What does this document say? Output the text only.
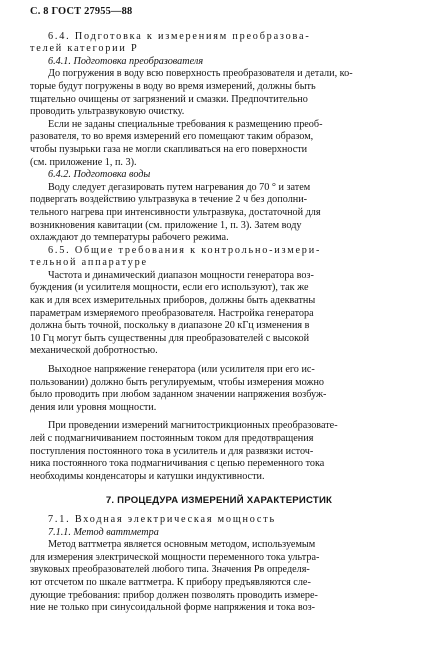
С. 8 ГОСТ 27955—88

6.4. Подготовка к измерениям преобразова-

телей категории Р

6.4.1. Подготовка преобразователя

До погружения в воду всю поверхность преобразователя и детали, ко-

торые будут погружены в воду во время измерений, должны быть

тщательно очищены от загрязнений и смазки. Предпочтительно

проводить ультразвуковую очистку.

Если не заданы специальные требования к размещению преоб-

разователя, то во время измерений его помещают таким образом,

чтобы пузырьки газа не могли скапливаться на его поверхности

(см. приложение 1, п. 3).

6.4.2. Подготовка воды

Воду следует дегазировать путем нагревания до 70 ° и затем

подвергать воздействию ультразвука в течение 2 ч без дополни-

тельного нагрева при интенсивности ультразвука, достаточной для

возникновения кавитации (см. приложение 1, п. 3). Затем воду

охлаждают до температуры рабочего режима.

6.5. Общие требования к контрольно-измери-

тельной аппаратуре

Частота и динамический диапазон мощности генератора воз-

буждения (и усилителя мощности, если его используют), так же

как и для всех измерительных приборов, должны быть адекватны

параметрам измеряемого преобразователя. Настройка генератора

должна быть точной, поскольку в диапазоне 20 кГц изменения в

10 Гц могут быть существенны для преобразователей с высокой

механической добротностью.

Выходное напряжение генератора (или усилителя при его ис-

пользовании) должно быть регулируемым, чтобы измерения можно

было проводить при любом заданном значении напряжения возбуж-

дения или уровня мощности.

При проведении измерений магнитострикционных преобразовате-

лей с подмагничиванием постоянным током для предотвращения

поступления постоянного тока в усилитель и для развязки источ-

ника постоянного тока подмагничивания с цепью переменного тока

необходимы конденсаторы и катушки индуктивности.

7. ПРОЦЕДУРА ИЗМЕРЕНИЙ ХАРАКТЕРИСТИК

7.1. Входная электрическая мощность

7.1.1. Метод ваттметра

Метод ваттметра является основным методом, используемым

для измерения электрической мощности переменного тока ультра-

звуковых преобразователей любого типа. Значения Pв определя-

ют отсчетом по шкале ваттметра. К прибору предъявляются сле-

дующие требования: прибор должен позволять проводить измере-

ние не только при синусоидальной форме напряжения и тока воз-
